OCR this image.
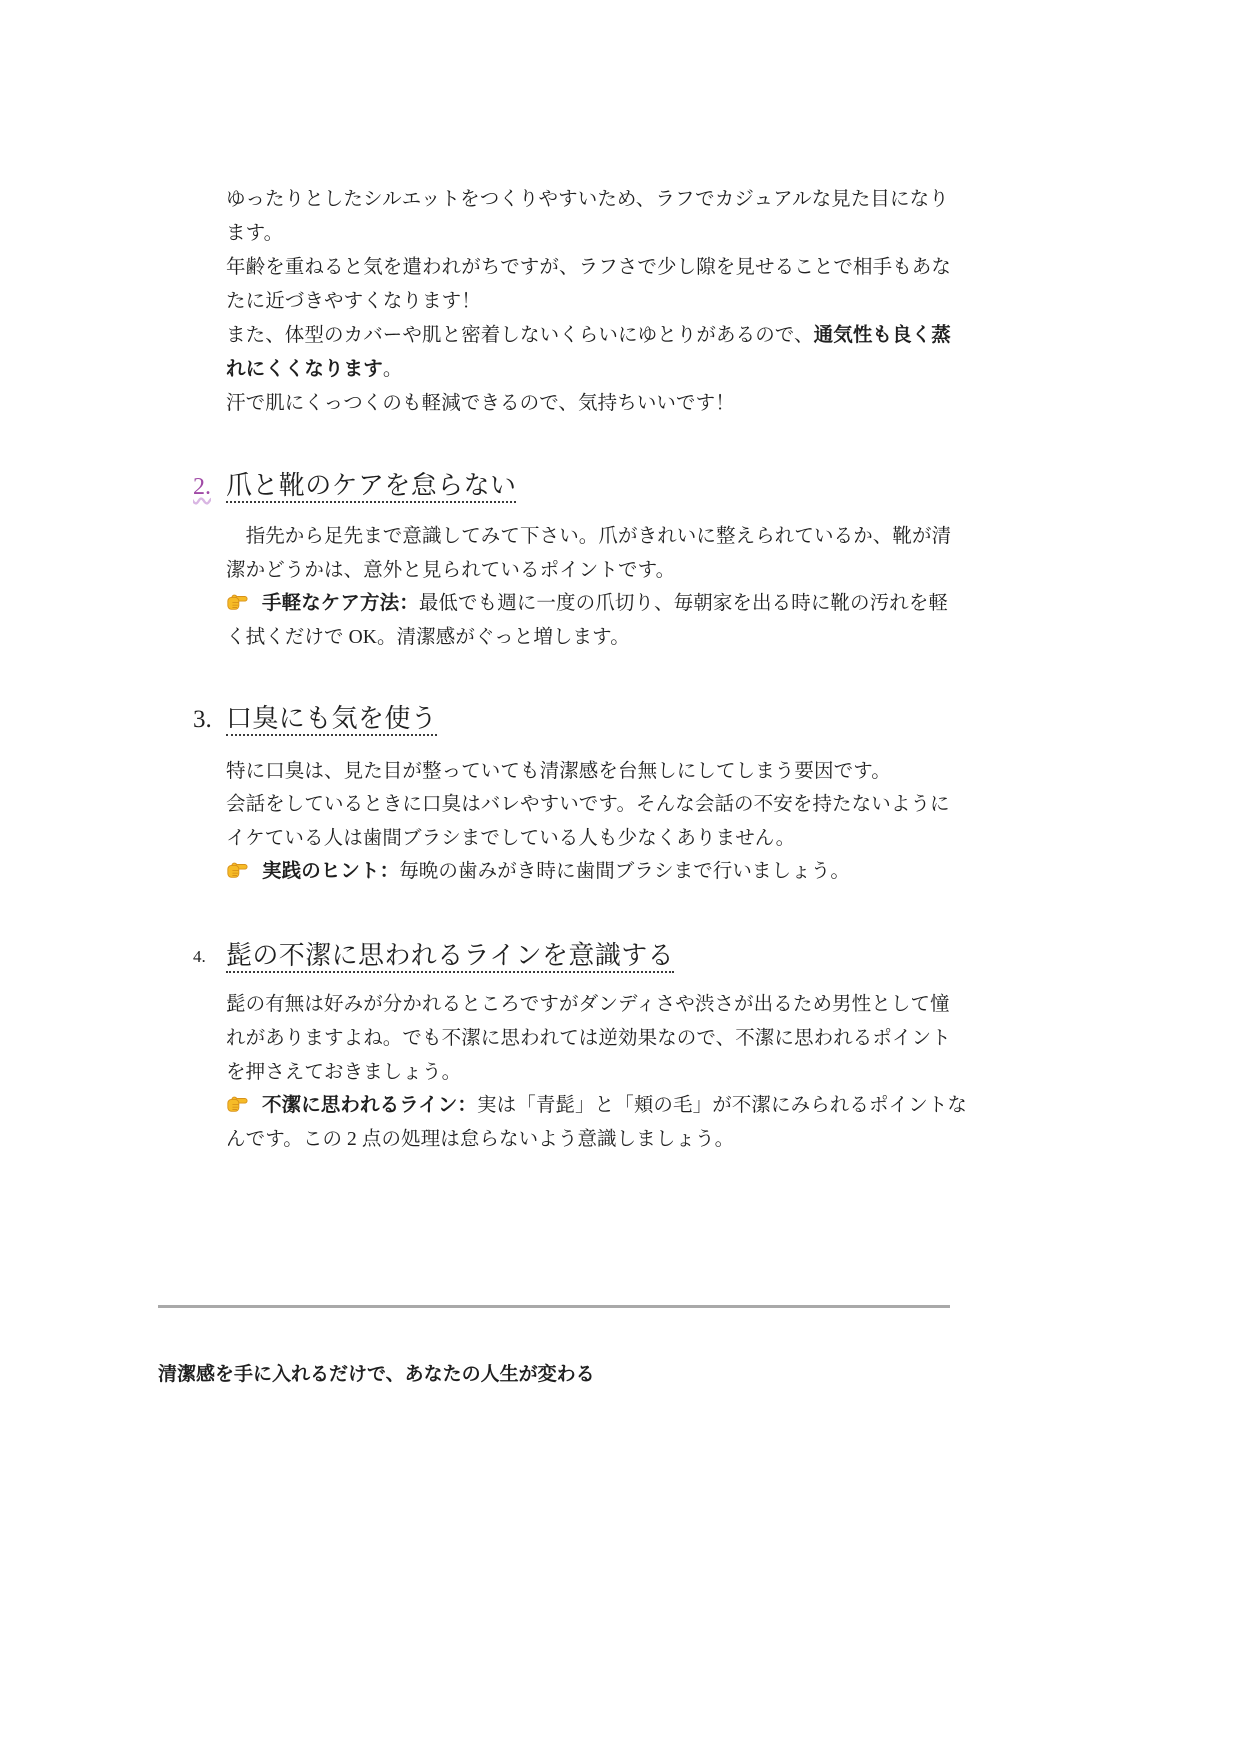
ゆったりとしたシルエットをつくりやすいため、ラフでカジュアルな見た目になり
ます。
年齢を重ねると気を遣われがちですが、ラフさで少し隙を見せることで相手もあな
たに近づきやすくなります！
また、体型のカバーや肌と密着しないくらいにゆとりがあるので、通気性も良く蒸
れにくくなります。
汗で肌にくっつくのも軽減できるので、気持ちいいです！
2. 爪と靴のケアを怠らない
　指先から足先まで意識してみて下さい。爪がきれいに整えられているか、靴が清
潔かどうかは、意外と見られているポイントです。
手軽なケア方法：最低でも週に一度の爪切り、毎朝家を出る時に靴の汚れを軽
く拭くだけで OK。清潔感がぐっと増します。
3. 口臭にも気を使う
特に口臭は、見た目が整っていても清潔感を台無しにしてしまう要因です。
会話をしているときに口臭はバレやすいです。そんな会話の不安を持たないように
イケている人は歯間ブラシまでしている人も少なくありません。
実践のヒント：毎晩の歯みがき時に歯間ブラシまで行いましょう。
4. 髭の不潔に思われるラインを意識する
髭の有無は好みが分かれるところですがダンディさや渋さが出るため男性として憧
れがありますよね。でも不潔に思われては逆効果なので、不潔に思われるポイント
を押さえておきましょう。
不潔に思われるライン：実は「青髭」と「頬の毛」が不潔にみられるポイントな
んです。この 2 点の処理は怠らないよう意識しましょう。
清潔感を手に入れるだけで、あなたの人生が変わる
